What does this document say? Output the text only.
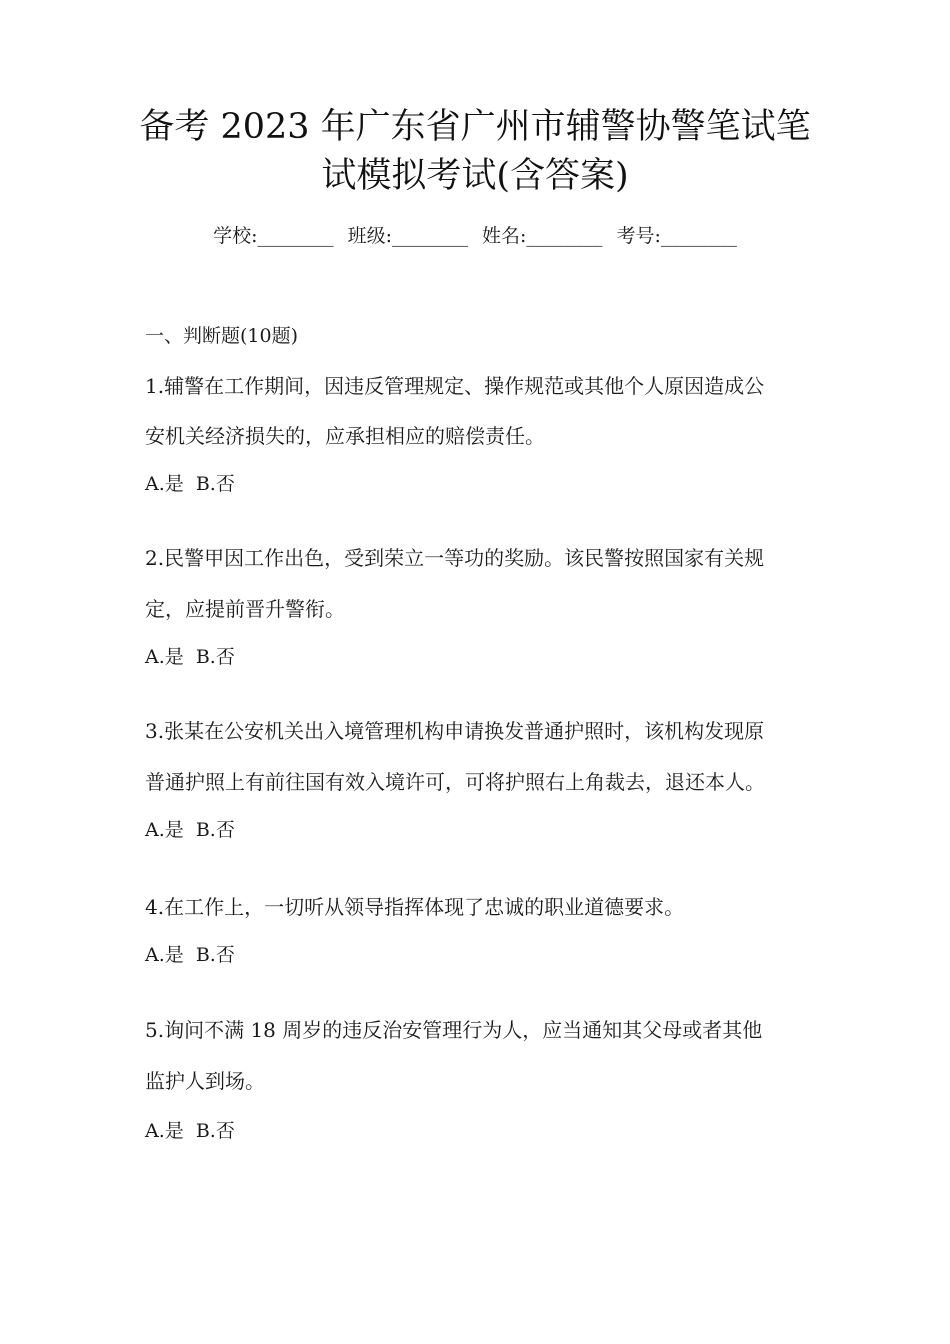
备考 2023 年广东省广州市辅警协警笔试笔
试模拟考试(含答案)
学校:________ 班级:________ 姓名:________ 考号:________
一、判断题(10题)
1.辅警在工作期间，因违反管理规定、操作规范或其他个人原因造成公
安机关经济损失的，应承担相应的赔偿责任。
A.是  B.否
2.民警甲因工作出色，受到荣立一等功的奖励。该民警按照国家有关规
定，应提前晋升警衔。
A.是  B.否
3.张某在公安机关出入境管理机构申请换发普通护照时，该机构发现原
普通护照上有前往国有效入境许可，可将护照右上角裁去，退还本人。
A.是  B.否
4.在工作上，一切听从领导指挥体现了忠诚的职业道德要求。
A.是  B.否
5.询问不满 18 周岁的违反治安管理行为人，应当通知其父母或者其他
监护人到场。
A.是  B.否
